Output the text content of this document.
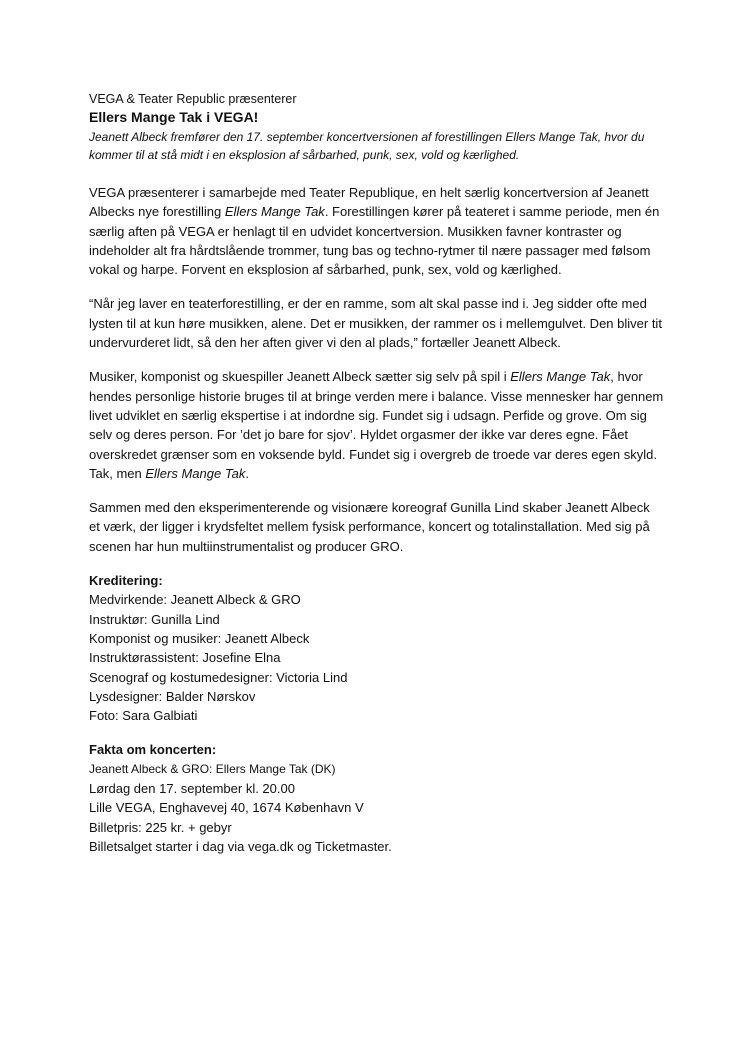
VEGA & Teater Republic præsenterer
Ellers Mange Tak i VEGA!
Jeanett Albeck fremfører den 17. september koncertversionen af forestillingen Ellers Mange Tak, hvor du kommer til at stå midt i en eksplosion af sårbarhed, punk, sex, vold og kærlighed.
VEGA præsenterer i samarbejde med Teater Republique, en helt særlig koncertversion af Jeanett Albecks nye forestilling Ellers Mange Tak. Forestillingen kører på teateret i samme periode, men én særlig aften på VEGA er henlagt til en udvidet koncertversion. Musikken favner kontraster og indeholder alt fra hårdtslående trommer, tung bas og techno-rytmer til nære passager med følsom vokal og harpe. Forvent en eksplosion af sårbarhed, punk, sex, vold og kærlighed.
“Når jeg laver en teaterforestilling, er der en ramme, som alt skal passe ind i. Jeg sidder ofte med lysten til at kun høre musikken, alene. Det er musikken, der rammer os i mellemgulvet. Den bliver tit undervurderet lidt, så den her aften giver vi den al plads,” fortæller Jeanett Albeck.
Musiker, komponist og skuespiller Jeanett Albeck sætter sig selv på spil i Ellers Mange Tak, hvor hendes personlige historie bruges til at bringe verden mere i balance. Visse mennesker har gennem livet udviklet en særlig ekspertise i at indordne sig. Fundet sig i udsagn. Perfide og grove. Om sig selv og deres person. For ’det jo bare for sjov’. Hyldet orgasmer der ikke var deres egne. Fået overskredet grænser som en voksende byld. Fundet sig i overgreb de troede var deres egen skyld. Tak, men Ellers Mange Tak.
Sammen med den eksperimenterende og visionære koreograf Gunilla Lind skaber Jeanett Albeck et værk, der ligger i krydsfeltet mellem fysisk performance, koncert og totalinstallation. Med sig på scenen har hun multiinstrumentalist og producer GRO.
Kreditering:
Medvirkende: Jeanett Albeck & GRO
Instruktør: Gunilla Lind
Komponist og musiker: Jeanett Albeck
Instruktørassistent: Josefine Elna
Scenograf og kostumedesigner: Victoria Lind
Lysdesigner: Balder Nørskov
Foto: Sara Galbiati
Fakta om koncerten:
Jeanett Albeck & GRO: Ellers Mange Tak (DK)
Lørdag den 17. september kl. 20.00
Lille VEGA, Enghavevej 40, 1674 København V
Billetpris: 225 kr. + gebyr
Billetsalget starter i dag via vega.dk og Ticketmaster.
